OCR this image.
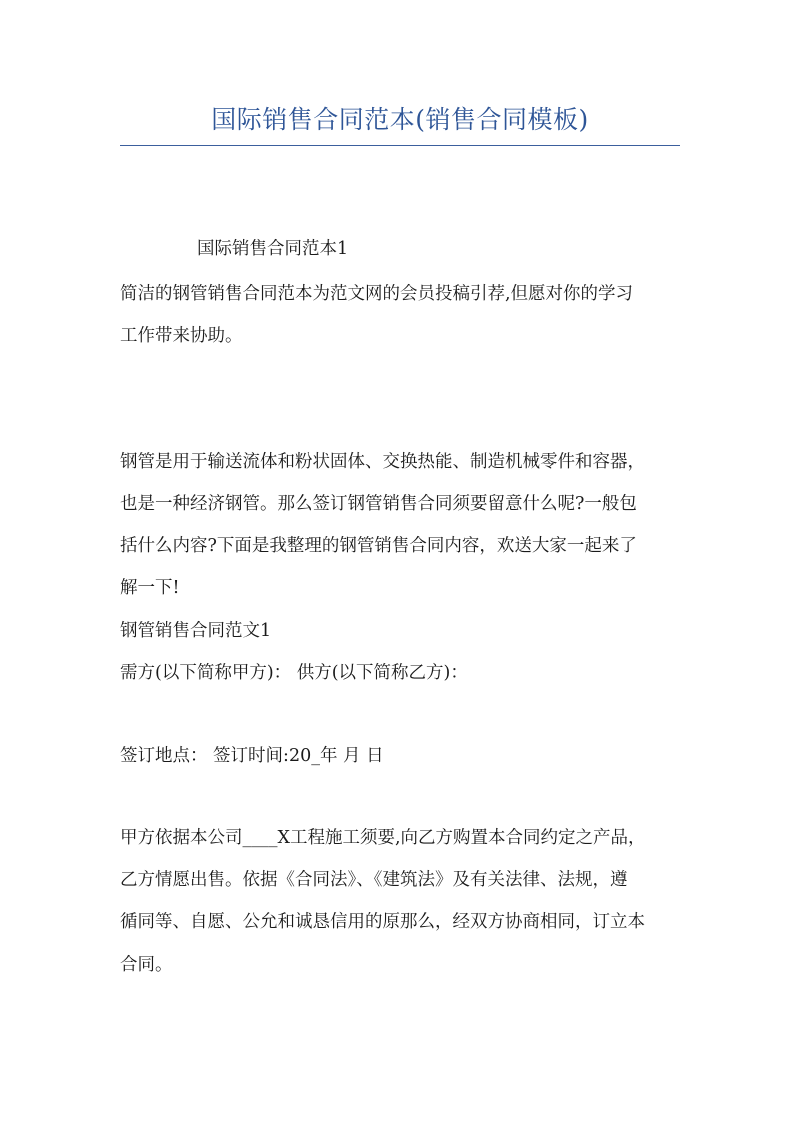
国际销售合同范本(销售合同模板)

国际销售合同范本1

简洁的钢管销售合同范本为范文网的会员投稿引荐,但愿对你的学习

工作带来协助。

钢管是用于输送流体和粉状固体、交换热能、制造机械零件和容器，

也是一种经济钢管。那么签订钢管销售合同须要留意什么呢?一般包

括什么内容?下面是我整理的钢管销售合同内容，欢送大家一起来了

解一下!

钢管销售合同范文1

需方(以下简称甲方)： 供方(以下简称乙方)：

签订地点： 签订时间:20_年 月 日

甲方依据本公司____X工程施工须要,向乙方购置本合同约定之产品，

乙方情愿出售。依据《合同法》、《建筑法》及有关法律、法规，遵

循同等、自愿、公允和诚恳信用的原那么，经双方协商相同，订立本

合同。
